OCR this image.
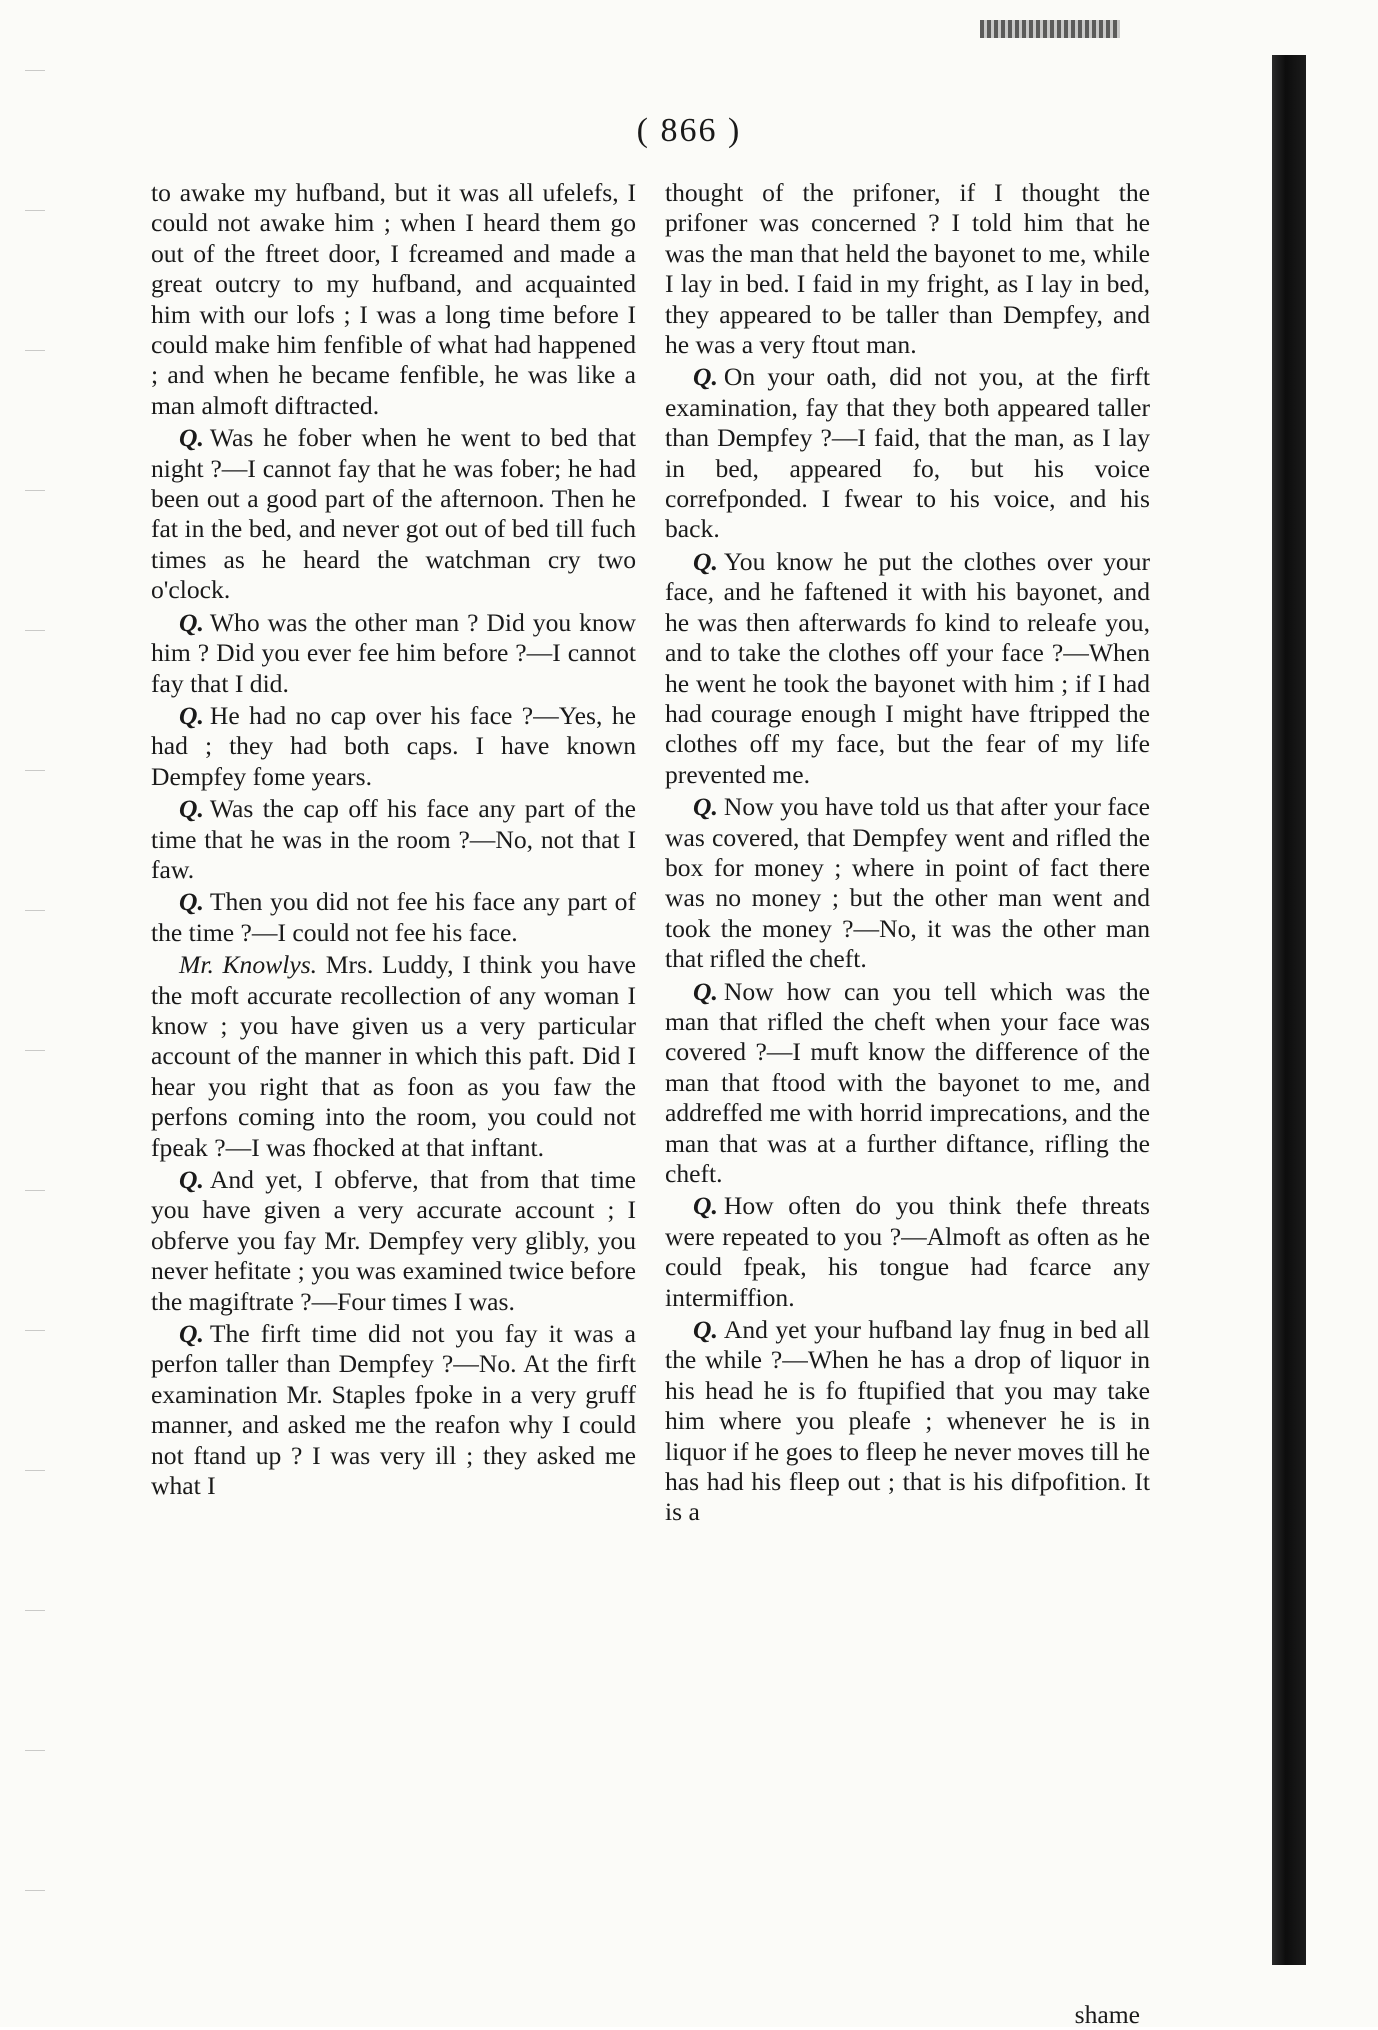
( 866 )

to awake my hufband, but it was all ufelefs, I could not awake him ; when I heard them go out of the ftreet door, I fcreamed and made a great outcry to my hufband, and acquainted him with our lofs ; I was a long time before I could make him fenfible of what had happened ; and when he became fenfible, he was like a man almoft diftracted.

Q. Was he fober when he went to bed that night ?—I cannot fay that he was fober; he had been out a good part of the afternoon. Then he fat in the bed, and never got out of bed till fuch times as he heard the watchman cry two o'clock.

Q. Who was the other man ? Did you know him ? Did you ever fee him before ?—I cannot fay that I did.

Q. He had no cap over his face ?—Yes, he had ; they had both caps. I have known Dempfey fome years.

Q. Was the cap off his face any part of the time that he was in the room ?—No, not that I faw.

Q. Then you did not fee his face any part of the time ?—I could not fee his face.

Mr. Knowlys. Mrs. Luddy, I think you have the moft accurate recollection of any woman I know ; you have given us a very particular account of the manner in which this paft. Did I hear you right that as foon as you faw the perfons coming into the room, you could not fpeak ?—I was fhocked at that inftant.

Q. And yet, I obferve, that from that time you have given a very accurate account ; I obferve you fay Mr. Dempfey very glibly, you never hefitate ; you was examined twice before the magiftrate ?—Four times I was.

Q. The firft time did not you fay it was a perfon taller than Dempfey ?—No. At the firft examination Mr. Staples fpoke in a very gruff manner, and asked me the reafon why I could not ftand up ? I was very ill ; they asked me what I

thought of the prifoner, if I thought the prifoner was concerned ? I told him that he was the man that held the bayonet to me, while I lay in bed. I faid in my fright, as I lay in bed, they appeared to be taller than Dempfey, and he was a very ftout man.

Q. On your oath, did not you, at the firft examination, fay that they both appeared taller than Dempfey ?—I faid, that the man, as I lay in bed, appeared fo, but his voice correfponded. I fwear to his voice, and his back.

Q. You know he put the clothes over your face, and he faftened it with his bayonet, and he was then afterwards fo kind to releafe you, and to take the clothes off your face ?—When he went he took the bayonet with him ; if I had had courage enough I might have ftripped the clothes off my face, but the fear of my life prevented me.

Q. Now you have told us that after your face was covered, that Dempfey went and rifled the box for money ; where in point of fact there was no money ; but the other man went and took the money ?—No, it was the other man that rifled the cheft.

Q. Now how can you tell which was the man that rifled the cheft when your face was covered ?—I muft know the difference of the man that ftood with the bayonet to me, and addreffed me with horrid imprecations, and the man that was at a further diftance, rifling the cheft.

Q. How often do you think thefe threats were repeated to you ?—Almoft as often as he could fpeak, his tongue had fcarce any intermiffion.

Q. And yet your hufband lay fnug in bed all the while ?—When he has a drop of liquor in his head he is fo ftupified that you may take him where you pleafe ; whenever he is in liquor if he goes to fleep he never moves till he has had his fleep out ; that is his difpofition. It is a

shame
